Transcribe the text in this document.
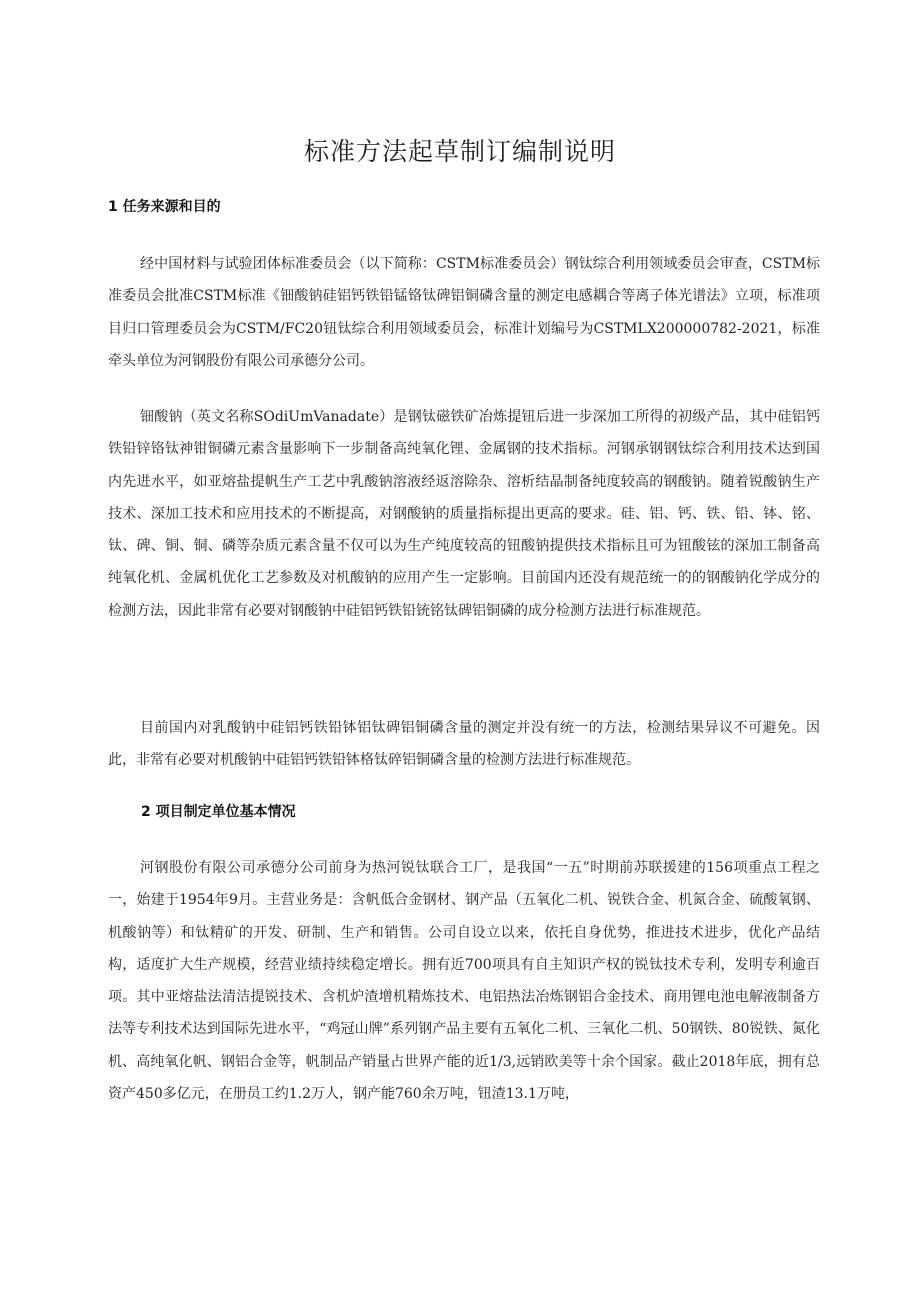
标准方法起草制订编制说明
1 任务来源和目的

经中国材料与试验团体标准委员会（以下简称：CSTM标准委员会）钢钛综合利用领域委员会审查，CSTM标准委员会批准CSTM标准《钿酸钠硅铝钙铁铅锰铬钛碑铝铜磷含量的测定电感耦合等离子体光谱法》立项，标准项目归口管理委员会为CSTM/FC20钮钛综合利用领域委员会，标准计划编号为CSTMLX200000782-2021，标准牵头单位为河钢股份有限公司承德分公司。

钿酸钠（英文名称SOdiUmVanadate）是钢钛磁铁矿冶炼提钮后进一步深加工所得的初级产品，其中硅铝钙铁铅锌铬钛神钳铜磷元素含量影响下一步制备高纯氧化锂、金属钢的技术指标。河钢承钢钢钛综合利用技术达到国内先进水平，如亚熔盐提帆生产工艺中乳酸钠溶液经返溶除杂、溶析结晶制备纯度较高的钢酸钠。随着锐酸钠生产技术、深加工技术和应用技术的不断提高，对钢酸钠的质量指标提出更高的要求。硅、铝、钙、铁、铅、钵、铭、钛、碑、铜、铜、磷等杂质元素含量不仅可以为生产纯度较高的钮酸钠提供技术指标且可为钮酸铉的深加工制备高纯氧化机、金属机优化工艺参数及对机酸钠的应用产生一定影响。目前国内还没有规范统一的的钢酸钠化学成分的检测方法，因此非常有必要对钢酸钠中硅铝钙铁铅铳铭钛碑铝铜磷的成分检测方法进行标准规范。

目前国内对乳酸钠中硅铝钙铁铅钵铝钛碑铝铜磷含量的测定并没有统一的方法，检测结果异议不可避免。因此，非常有必要对机酸钠中硅铝钙铁铅钵格钛碎铝铜磷含量的检测方法进行标准规范。

2 项目制定单位基本情况

河钢股份有限公司承德分公司前身为热河锐钛联合工厂，是我国“一五”时期前苏联援建的156项重点工程之一，始建于1954年9月。主营业务是：含帆低合金钢材、钢产品（五氧化二机、锐铁合金、机氮合金、硫酸氧钢、机酸钠等）和钛精矿的开发、研制、生产和销售。公司自设立以来，依托自身优势，推进技术进步，优化产品结构，适度扩大生产规模，经营业绩持续稳定增长。拥有近700项具有自主知识产权的锐钛技术专利，发明专利逾百项。其中亚熔盐法清洁提锐技术、含机炉渣增机精炼技术、电铝热法冶炼钢铝合金技术、商用锂电池电解液制备方法等专利技术达到国际先进水平，“鸡冠山牌”系列钢产品主要有五氧化二机、三氧化二机、50钢铁、80锐铁、氮化机、高纯氧化帆、钢铝合金等，帆制品产销量占世界产能的近1/3,远销欧美等十余个国家。截止2018年底，拥有总资产450多亿元，在册员工约1.2万人，钢产能760余万吨，钮渣13.1万吨，
